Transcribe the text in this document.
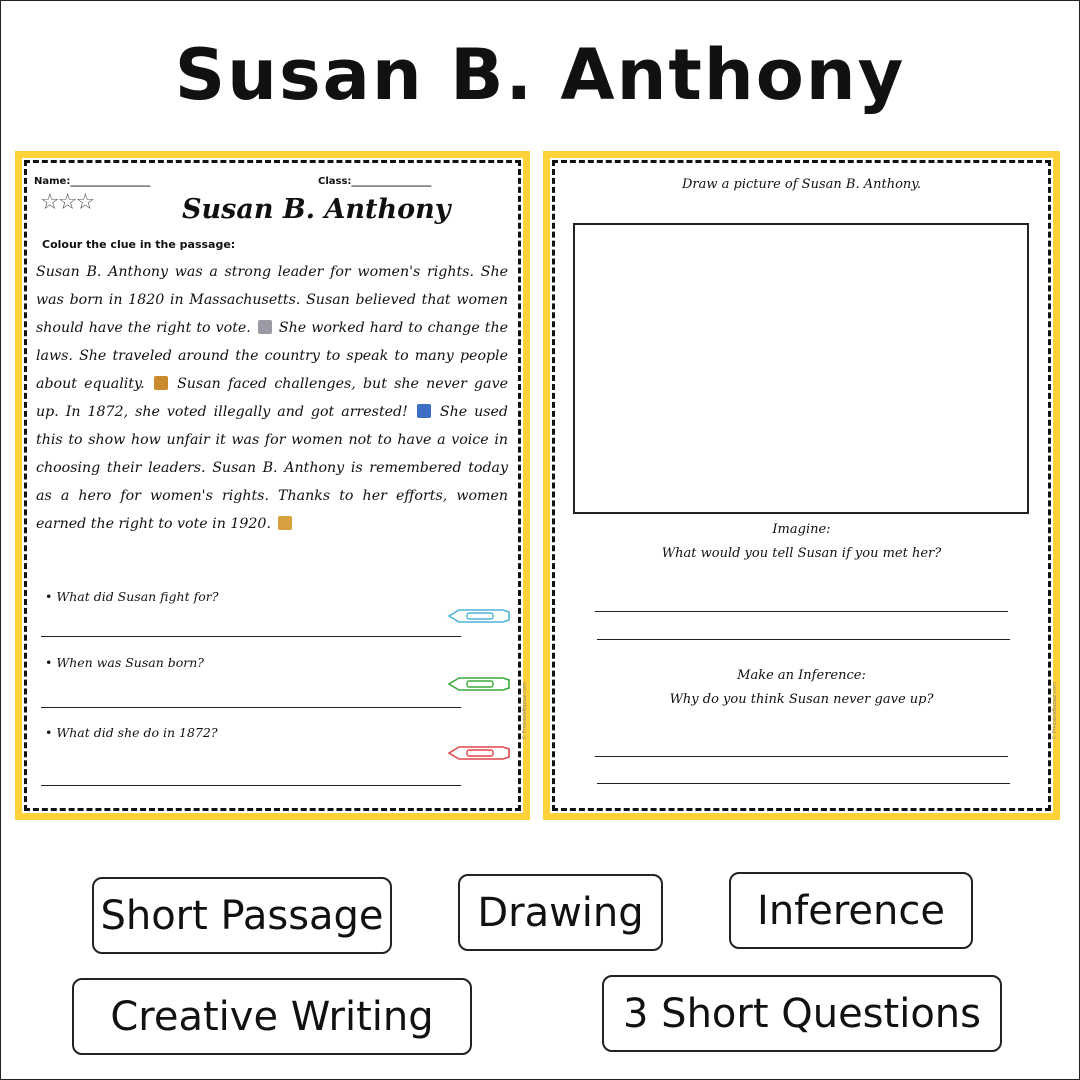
Susan B. Anthony
Name:________________	Class:________________
☆☆☆	Susan B. Anthony
Colour the clue in the passage:
Susan B. Anthony was a strong leader for women's rights. She was born in 1820 in Massachusetts. Susan believed that women should have the right to vote. She worked hard to change the laws. She traveled around the country to speak to many people about equality. Susan faced challenges, but she never gave up. In 1872, she voted illegally and got arrested! She used this to show how unfair it was for women not to have a voice in choosing their leaders. Susan B. Anthony is remembered today as a hero for women's rights. Thanks to her efforts, women earned the right to vote in 1920.
• What did Susan fight for?
• When was Susan born?
• What did she do in 1872?	© PrintableBazaar.com
Draw a picture of Susan B. Anthony.
Imagine:
What would you tell Susan if you met her?
Make an Inference:
Why do you think Susan never gave up?	© PrintableBazaar.com
Short Passage	Drawing	Inference
Creative Writing	3 Short Questions
